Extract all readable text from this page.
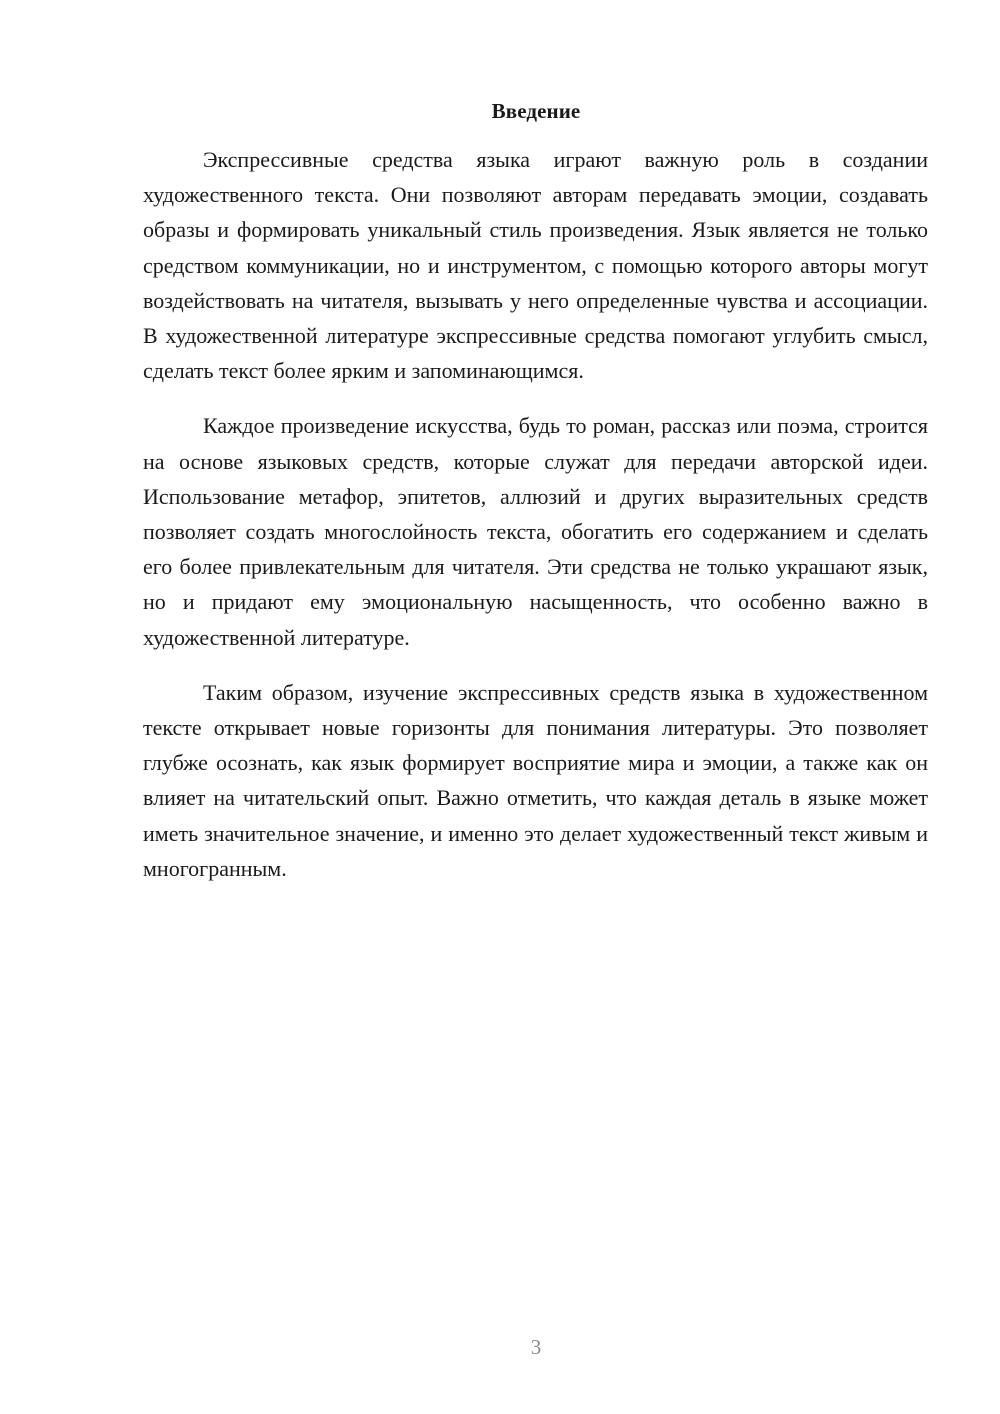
Введение

Экспрессивные средства языка играют важную роль в создании художественного текста. Они позволяют авторам передавать эмоции, создавать образы и формировать уникальный стиль произведения. Язык является не только средством коммуникации, но и инструментом, с помощью которого авторы могут воздействовать на читателя, вызывать у него определенные чувства и ассоциации. В художественной литературе экспрессивные средства помогают углубить смысл, сделать текст более ярким и запоминающимся.

Каждое произведение искусства, будь то роман, рассказ или поэма, строится на основе языковых средств, которые служат для передачи авторской идеи. Использование метафор, эпитетов, аллюзий и других выразительных средств позволяет создать многослойность текста, обогатить его содержанием и сделать его более привлекательным для читателя. Эти средства не только украшают язык, но и придают ему эмоциональную насыщенность, что особенно важно в художественной литературе.

Таким образом, изучение экспрессивных средств языка в художественном тексте открывает новые горизонты для понимания литературы. Это позволяет глубже осознать, как язык формирует восприятие мира и эмоции, а также как он влияет на читательский опыт. Важно отметить, что каждая деталь в языке может иметь значительное значение, и именно это делает художественный текст живым и многогранным.

3
